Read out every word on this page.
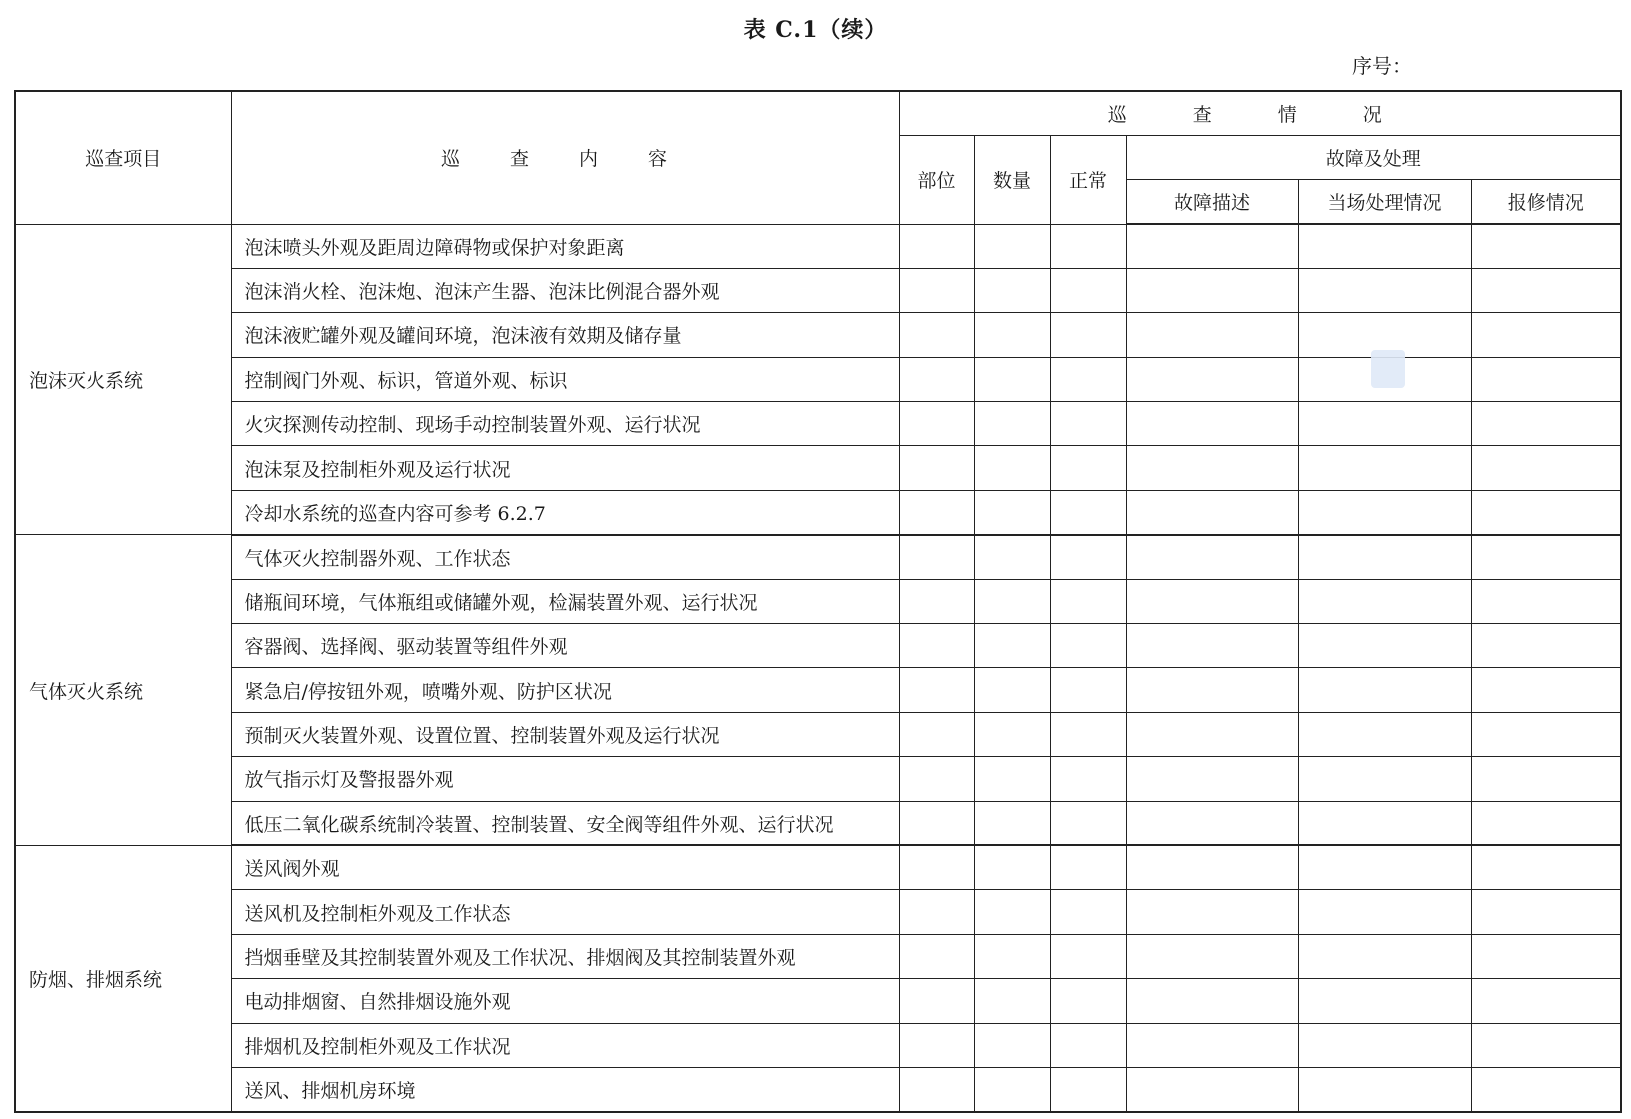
表 C.1（续）
序号：
巡查项目	巡 查 内 容	巡 查 情 况					
		部位	数量	正常	故障及处理		
					故障描述	当场处理情况	报修情况
泡沫灭火系统	泡沫喷头外观及距周边障碍物或保护对象距离						
	泡沫消火栓、泡沫炮、泡沫产生器、泡沫比例混合器外观						
	泡沫液贮罐外观及罐间环境，泡沫液有效期及储存量						
	控制阀门外观、标识，管道外观、标识						
	火灾探测传动控制、现场手动控制装置外观、运行状况						
	泡沫泵及控制柜外观及运行状况						
	冷却水系统的巡查内容可参考 6.2.7						
气体灭火系统	气体灭火控制器外观、工作状态						
	储瓶间环境，气体瓶组或储罐外观，检漏装置外观、运行状况						
	容器阀、选择阀、驱动装置等组件外观						
	紧急启/停按钮外观，喷嘴外观、防护区状况						
	预制灭火装置外观、设置位置、控制装置外观及运行状况						
	放气指示灯及警报器外观						
	低压二氧化碳系统制冷装置、控制装置、安全阀等组件外观、运行状况						
防烟、排烟系统	送风阀外观						
	送风机及控制柜外观及工作状态						
	挡烟垂壁及其控制装置外观及工作状况、排烟阀及其控制装置外观						
	电动排烟窗、自然排烟设施外观						
	排烟机及控制柜外观及工作状况						
	送风、排烟机房环境						
